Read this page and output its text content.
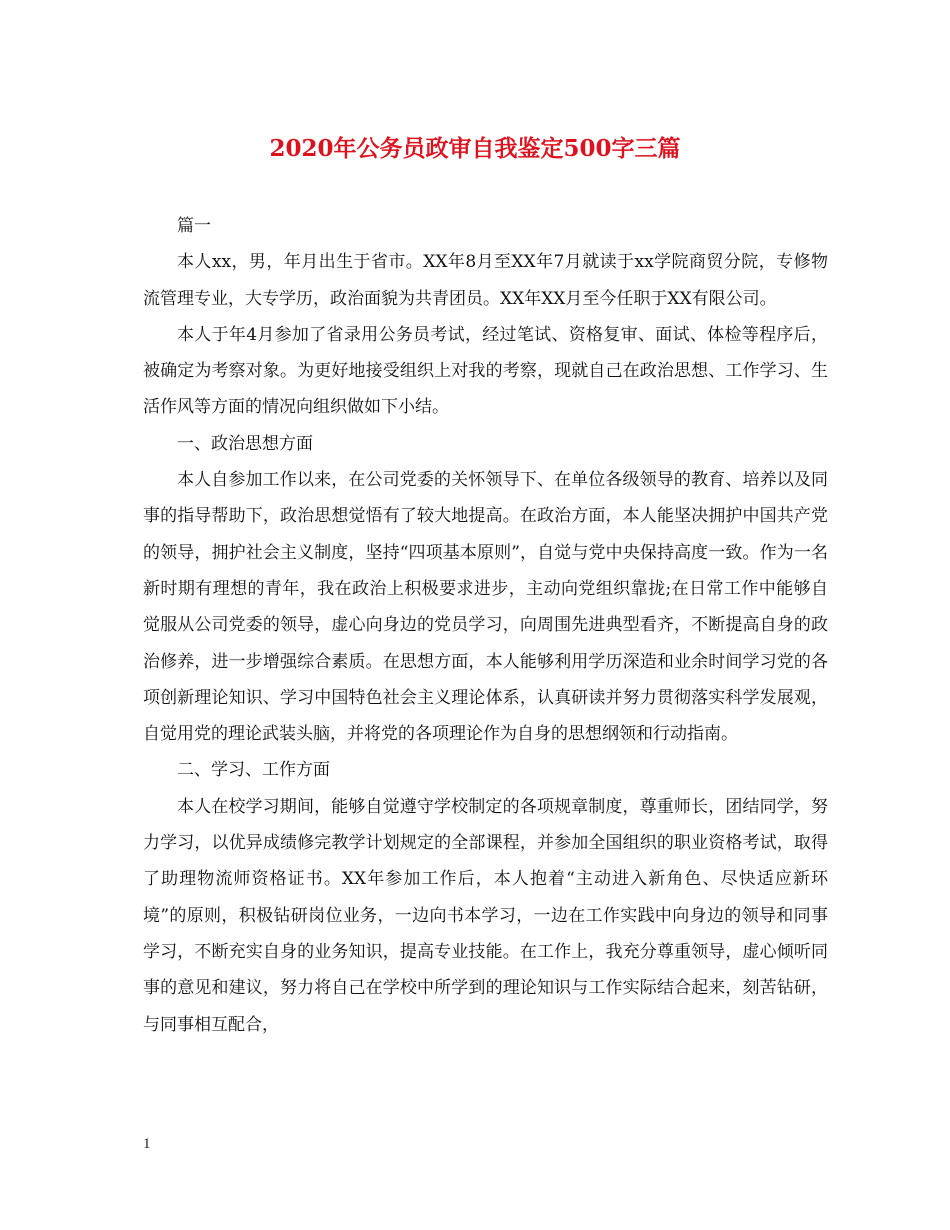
2020年公务员政审自我鉴定500字三篇

篇一

本人xx，男，年月出生于省市。XX年8月至XX年7月就读于xx学院商贸分院，专修物流管理专业，大专学历，政治面貌为共青团员。XX年XX月至今任职于XX有限公司。

本人于年4月参加了省录用公务员考试，经过笔试、资格复审、面试、体检等程序后，被确定为考察对象。为更好地接受组织上对我的考察，现就自己在政治思想、工作学习、生活作风等方面的情况向组织做如下小结。

一、政治思想方面

本人自参加工作以来，在公司党委的关怀领导下、在单位各级领导的教育、培养以及同事的指导帮助下，政治思想觉悟有了较大地提高。在政治方面，本人能坚决拥护中国共产党的领导，拥护社会主义制度，坚持“四项基本原则”，自觉与党中央保持高度一致。作为一名新时期有理想的青年，我在政治上积极要求进步，主动向党组织靠拢;在日常工作中能够自觉服从公司党委的领导，虚心向身边的党员学习，向周围先进典型看齐，不断提高自身的政治修养，进一步增强综合素质。在思想方面，本人能够利用学历深造和业余时间学习党的各项创新理论知识、学习中国特色社会主义理论体系，认真研读并努力贯彻落实科学发展观，自觉用党的理论武装头脑，并将党的各项理论作为自身的思想纲领和行动指南。

二、学习、工作方面

本人在校学习期间，能够自觉遵守学校制定的各项规章制度，尊重师长，团结同学，努力学习，以优异成绩修完教学计划规定的全部课程，并参加全国组织的职业资格考试，取得了助理物流师资格证书。XX年参加工作后，本人抱着“主动进入新角色、尽快适应新环境”的原则，积极钻研岗位业务，一边向书本学习，一边在工作实践中向身边的领导和同事学习，不断充实自身的业务知识，提高专业技能。在工作上，我充分尊重领导，虚心倾听同事的意见和建议，努力将自己在学校中所学到的理论知识与工作实际结合起来，刻苦钻研，与同事相互配合，

1
